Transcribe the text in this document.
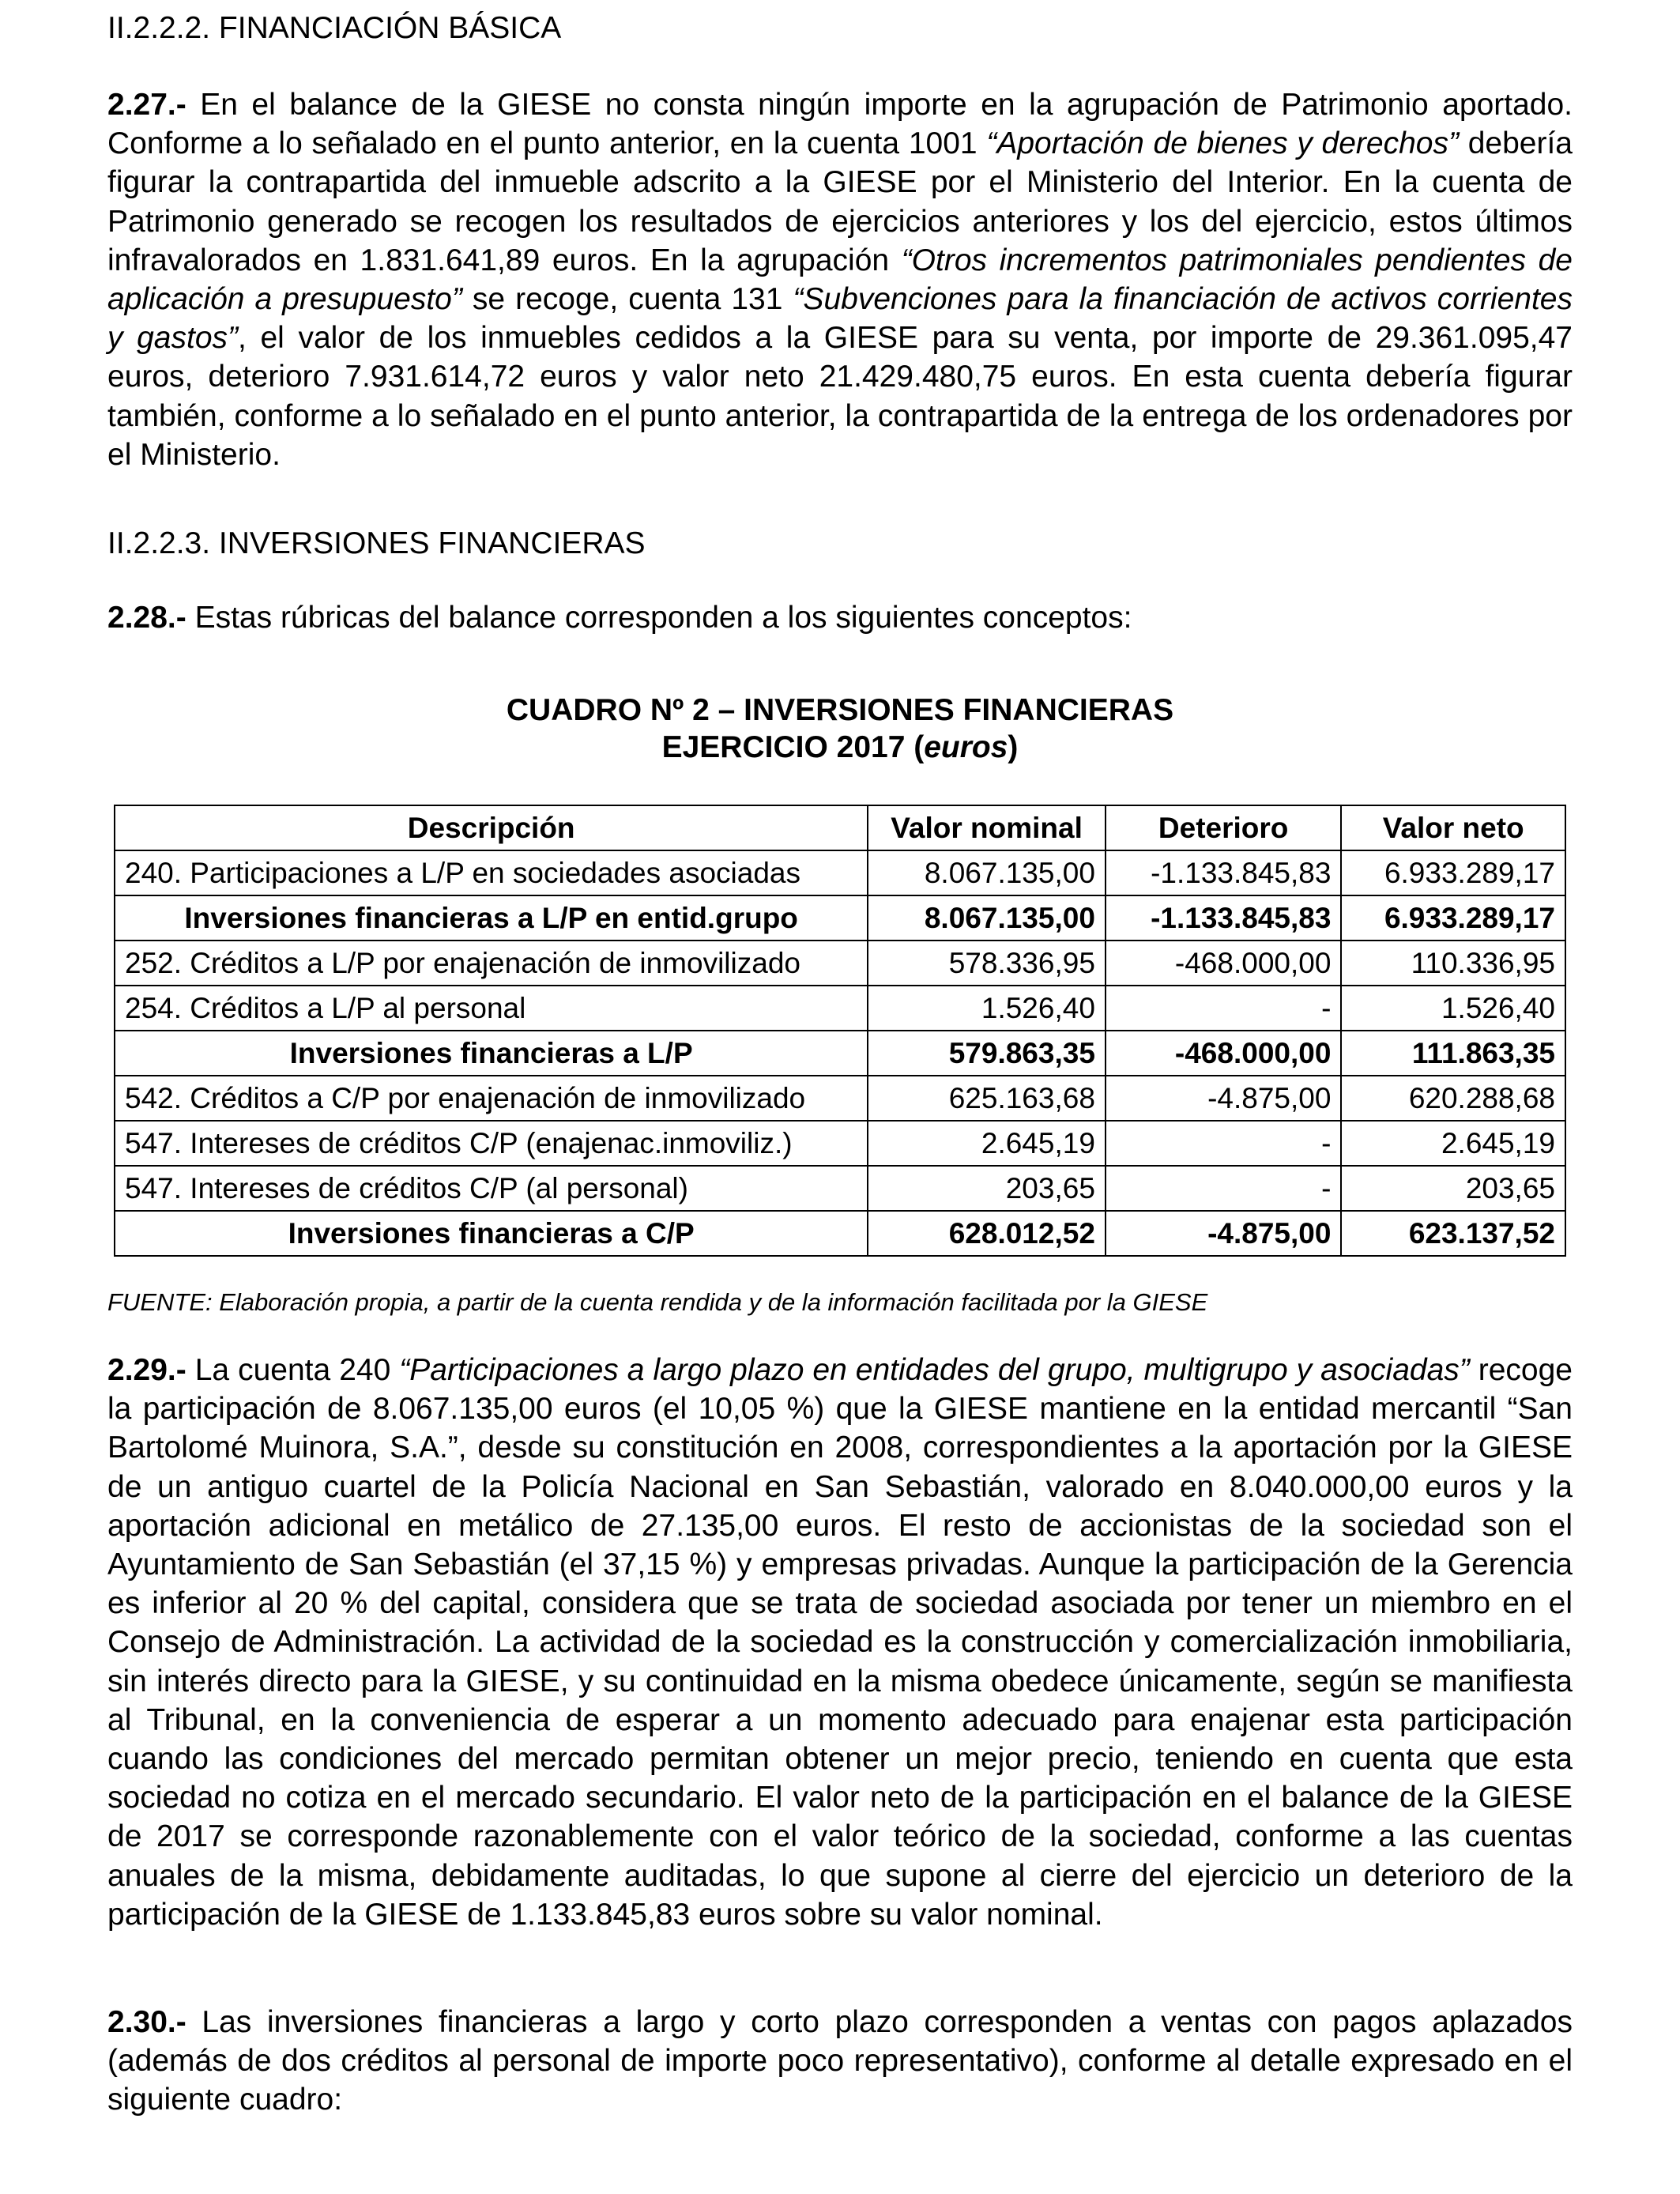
II.2.2.2. FINANCIACIÓN BÁSICA

2.27.- En el balance de la GIESE no consta ningún importe en la agrupación de Patrimonio aportado. Conforme a lo señalado en el punto anterior, en la cuenta 1001 “Aportación de bienes y derechos” debería figurar la contrapartida del inmueble adscrito a la GIESE por el Ministerio del Interior. En la cuenta de Patrimonio generado se recogen los resultados de ejercicios anteriores y los del ejercicio, estos últimos infravalorados en 1.831.641,89 euros. En la agrupación “Otros incrementos patrimoniales pendientes de aplicación a presupuesto” se recoge, cuenta 131 “Subvenciones para la financiación de activos corrientes y gastos”, el valor de los inmuebles cedidos a la GIESE para su venta, por importe de 29.361.095,47 euros, deterioro 7.931.614,72 euros y valor neto 21.429.480,75 euros. En esta cuenta debería figurar también, conforme a lo señalado en el punto anterior, la contrapartida de la entrega de los ordenadores por el Ministerio.

II.2.2.3. INVERSIONES FINANCIERAS

2.28.- Estas rúbricas del balance corresponden a los siguientes conceptos:

CUADRO Nº 2 – INVERSIONES FINANCIERAS
EJERCICIO 2017 (euros)
Descripción	Valor nominal	Deterioro	Valor neto
240. Participaciones a L/P en sociedades asociadas	8.067.135,00	-1.133.845,83	6.933.289,17
Inversiones financieras a L/P en entid.grupo	8.067.135,00	-1.133.845,83	6.933.289,17
252. Créditos a L/P por enajenación de inmovilizado	578.336,95	-468.000,00	110.336,95
254. Créditos a L/P al personal	1.526,40	-	1.526,40
Inversiones financieras a L/P	579.863,35	-468.000,00	111.863,35
542. Créditos a C/P por enajenación de inmovilizado	625.163,68	-4.875,00	620.288,68
547. Intereses de créditos C/P (enajenac.inmoviliz.)	2.645,19	-	2.645,19
547. Intereses de créditos C/P (al personal)	203,65	-	203,65
Inversiones financieras a C/P	628.012,52	-4.875,00	623.137,52
FUENTE: Elaboración propia, a partir de la cuenta rendida y de la información facilitada por la GIESE

2.29.- La cuenta 240 “Participaciones a largo plazo en entidades del grupo, multigrupo y asociadas” recoge la participación de 8.067.135,00 euros (el 10,05 %) que la GIESE mantiene en la entidad mercantil “San Bartolomé Muinora, S.A.”, desde su constitución en 2008, correspondientes a la aportación por la GIESE de un antiguo cuartel de la Policía Nacional en San Sebastián, valorado en 8.040.000,00 euros y la aportación adicional en metálico de 27.135,00 euros. El resto de accionistas de la sociedad son el Ayuntamiento de San Sebastián (el 37,15 %) y empresas privadas. Aunque la participación de la Gerencia es inferior al 20 % del capital, considera que se trata de sociedad asociada por tener un miembro en el Consejo de Administración. La actividad de la sociedad es la construcción y comercialización inmobiliaria, sin interés directo para la GIESE, y su continuidad en la misma obedece únicamente, según se manifiesta al Tribunal, en la conveniencia de esperar a un momento adecuado para enajenar esta participación cuando las condiciones del mercado permitan obtener un mejor precio, teniendo en cuenta que esta sociedad no cotiza en el mercado secundario. El valor neto de la participación en el balance de la GIESE de 2017 se corresponde razonablemente con el valor teórico de la sociedad, conforme a las cuentas anuales de la misma, debidamente auditadas, lo que supone al cierre del ejercicio un deterioro de la participación de la GIESE de 1.133.845,83 euros sobre su valor nominal.

2.30.- Las inversiones financieras a largo y corto plazo corresponden a ventas con pagos aplazados (además de dos créditos al personal de importe poco representativo), conforme al detalle expresado en el siguiente cuadro:
